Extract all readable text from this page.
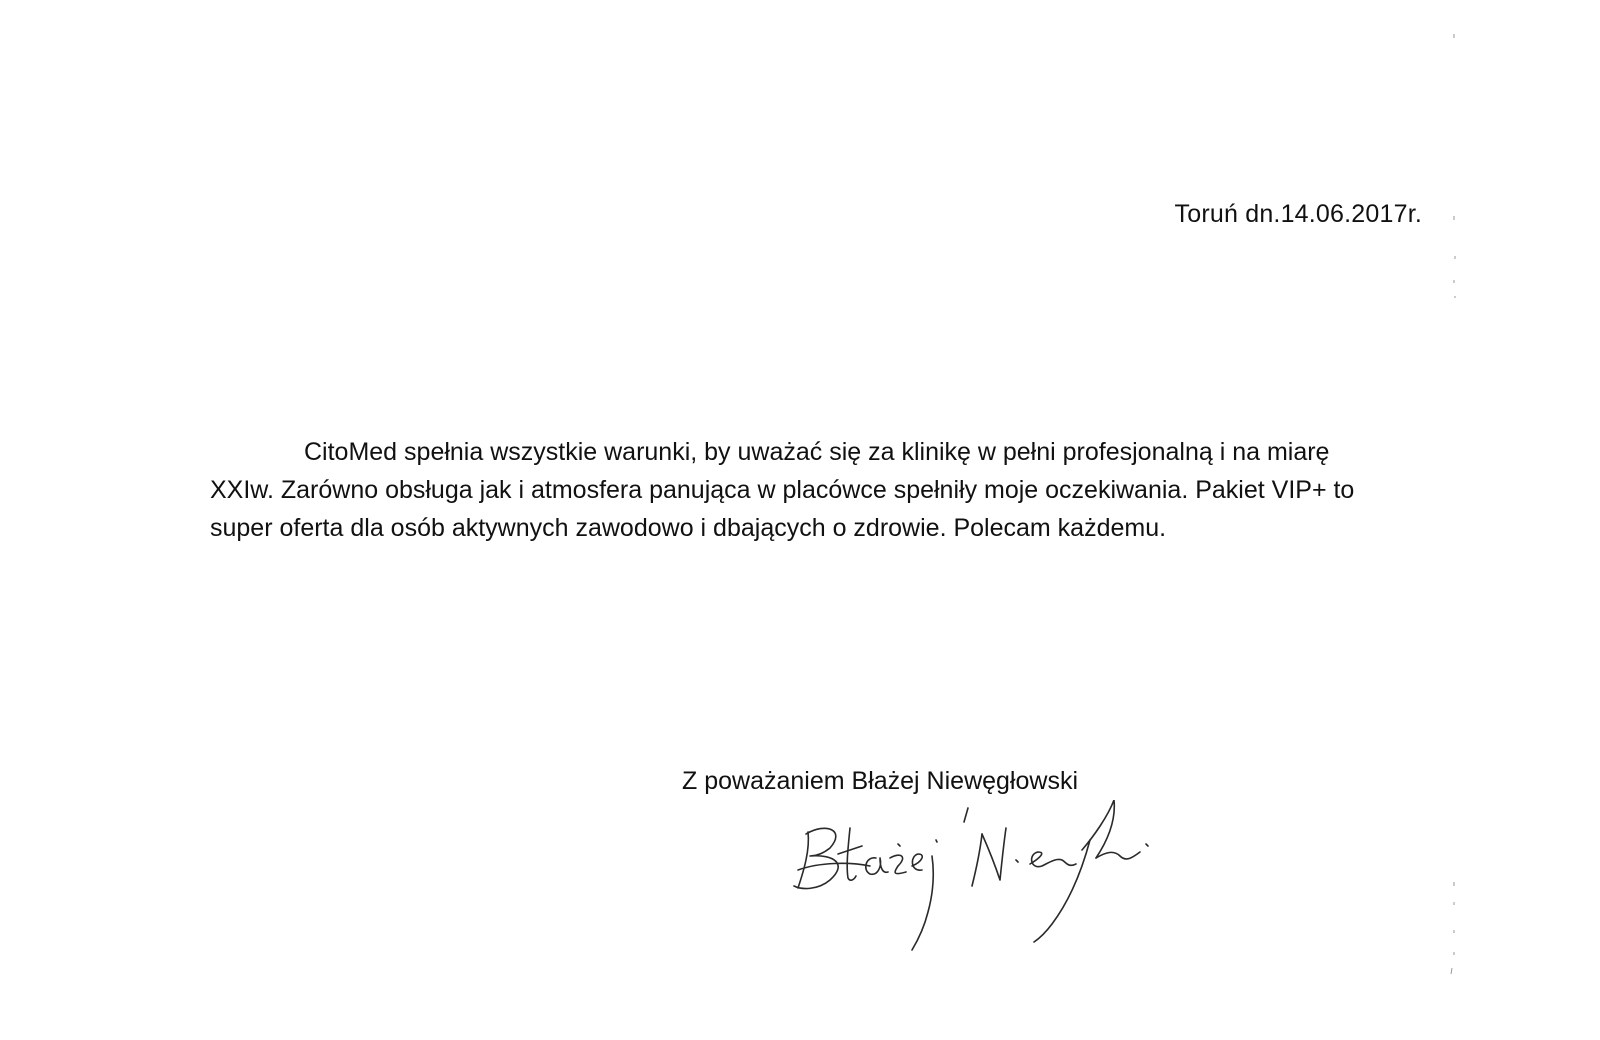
Toruń dn.14.06.2017r.

CitoMed spełnia wszystkie warunki, by uważać się za klinikę w pełni profesjonalną i na miarę XXIw. Zarówno obsługa jak i atmosfera panująca w placówce spełniły moje oczekiwania. Pakiet VIP+ to super oferta dla osób aktywnych zawodowo i dbających o zdrowie. Polecam każdemu.

Z poważaniem Błażej Niewęgłowski
